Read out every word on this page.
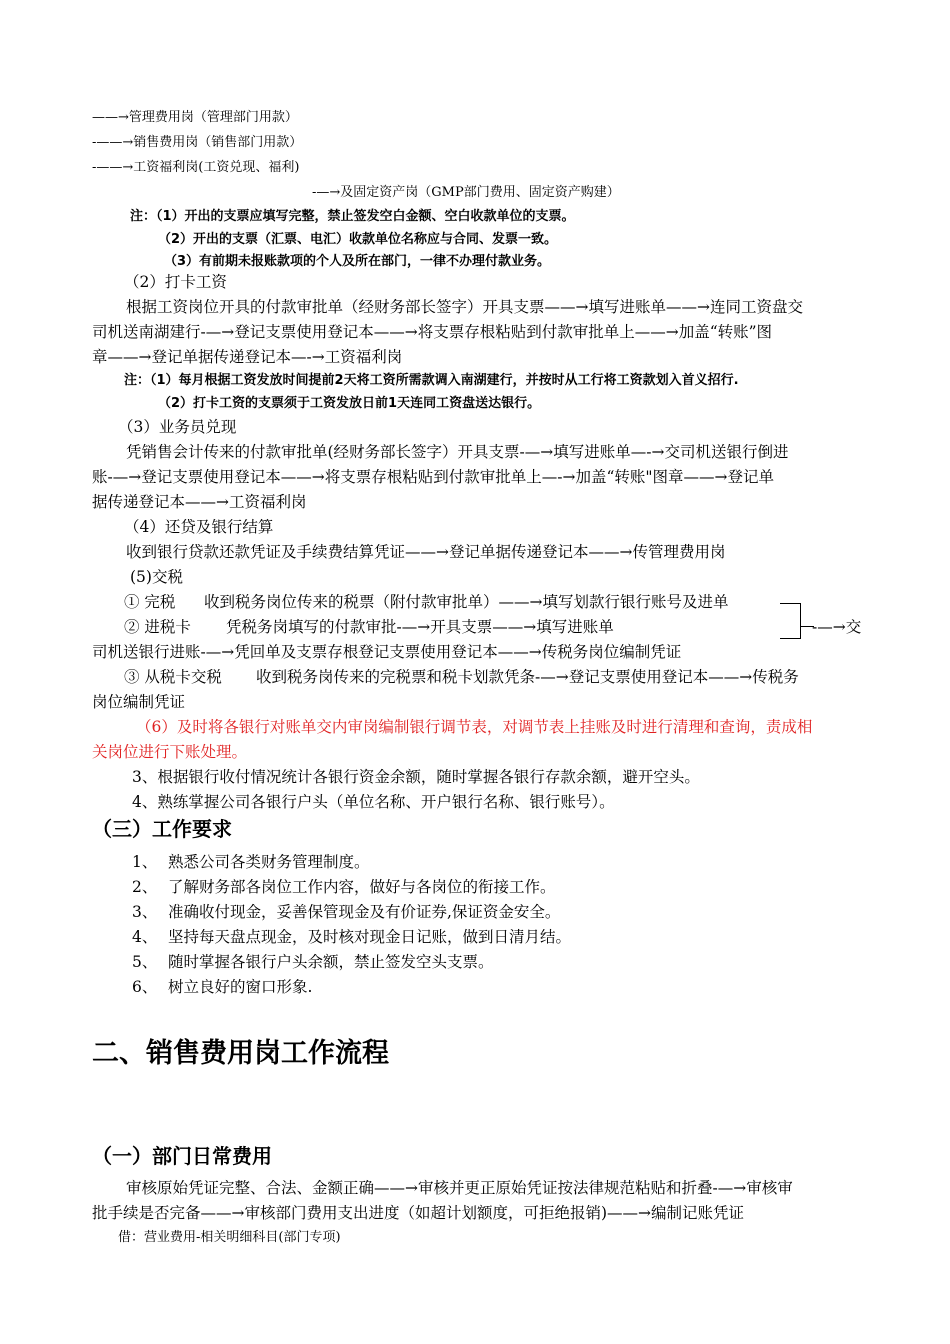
——→管理费用岗（管理部门用款）
-——→销售费用岗（销售部门用款）
-——→工资福利岗(工资兑现、福利)
-—→及固定资产岗（GMP部门费用、固定资产购建）
注：（1）开出的支票应填写完整，禁止签发空白金额、空白收款单位的支票。
（2）开出的支票（汇票、电汇）收款单位名称应与合同、发票一致。
（3）有前期未报账款项的个人及所在部门，一律不办理付款业务。
（2）打卡工资
根据工资岗位开具的付款审批单（经财务部长签字）开具支票——→填写进账单——→连同工资盘交
司机送南湖建行-—→登记支票使用登记本——→将支票存根粘贴到付款审批单上——→加盖“转账”图
章——→登记单据传递登记本—-→工资福利岗
注：（1）每月根据工资发放时间提前2天将工资所需款调入南湖建行，并按时从工行将工资款划入首义招行.
（2）打卡工资的支票须于工资发放日前1天连同工资盘送达银行。
（3）业务员兑现
凭销售会计传来的付款审批单(经财务部长签字）开具支票-—→填写进账单—-→交司机送银行倒进
账-—→登记支票使用登记本——→将支票存根粘贴到付款审批单上—-→加盖“转账"图章——→登记单
据传递登记本——→工资福利岗
（4）还贷及银行结算
收到银行贷款还款凭证及手续费结算凭证——→登记单据传递登记本——→传管理费用岗
(5)交税
① 完税 收到税务岗位传来的税票（附付款审批单）——→填写划款行银行账号及进单
② 进税卡 凭税务岗填写的付款审批-—→开具支票——→填写进账单	-—→交
司机送银行进账-—→凭回单及支票存根登记支票使用登记本——→传税务岗位编制凭证
③ 从税卡交税 收到税务岗传来的完税票和税卡划款凭条-—→登记支票使用登记本——→传税务
岗位编制凭证
（6）及时将各银行对账单交内审岗编制银行调节表，对调节表上挂账及时进行清理和查询，责成相
关岗位进行下账处理。
3、根据银行收付情况统计各银行资金余额，随时掌握各银行存款余额，避开空头。
4、熟练掌握公司各银行户头（单位名称、开户银行名称、银行账号）。
（三）工作要求
1、 熟悉公司各类财务管理制度。
2、 了解财务部各岗位工作内容，做好与各岗位的衔接工作。
3、 准确收付现金，妥善保管现金及有价证券,保证资金安全。
4、 坚持每天盘点现金，及时核对现金日记账，做到日清月结。
5、 随时掌握各银行户头余额，禁止签发空头支票。
6、 树立良好的窗口形象.
二、销售费用岗工作流程
（一）部门日常费用
审核原始凭证完整、合法、金额正确——→审核并更正原始凭证按法律规范粘贴和折叠-—→审核审
批手续是否完备——→审核部门费用支出进度（如超计划额度，可拒绝报销)——→编制记账凭证
借：营业费用-相关明细科目(部门专项)
